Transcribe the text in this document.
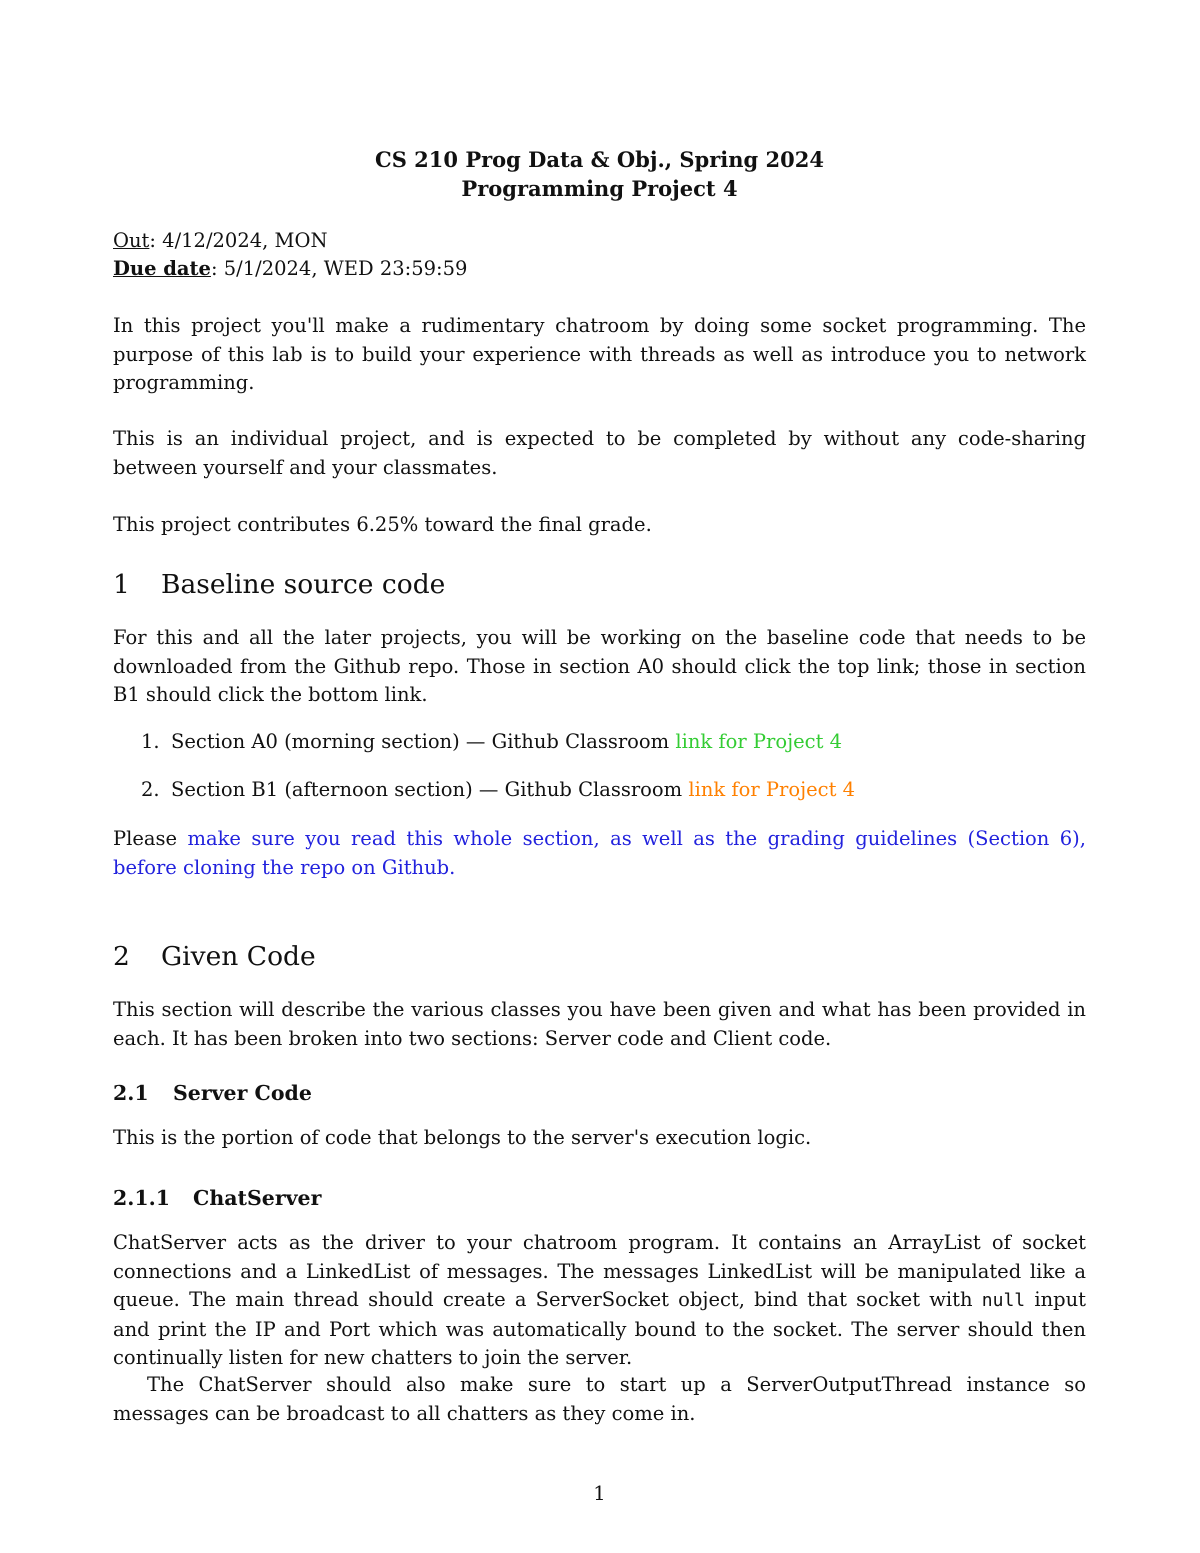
CS 210 Prog Data & Obj., Spring 2024
Programming Project 4
Out: 4/12/2024, MON
Due date: 5/1/2024, WED 23:59:59
In this project you'll make a rudimentary chatroom by doing some socket programming. The purpose of this lab is to build your experience with threads as well as introduce you to network programming.
This is an individual project, and is expected to be completed by without any code-sharing between yourself and your classmates.
This project contributes 6.25% toward the final grade.
1 Baseline source code
For this and all the later projects, you will be working on the baseline code that needs to be downloaded from the Github repo. Those in section A0 should click the top link; those in section B1 should click the bottom link.
1. Section A0 (morning section) — Github Classroom link for Project 4
2. Section B1 (afternoon section) — Github Classroom link for Project 4
Please make sure you read this whole section, as well as the grading guidelines (Section 6), before cloning the repo on Github.
2 Given Code
This section will describe the various classes you have been given and what has been provided in each. It has been broken into two sections: Server code and Client code.
2.1 Server Code
This is the portion of code that belongs to the server's execution logic.
2.1.1 ChatServer
ChatServer acts as the driver to your chatroom program. It contains an ArrayList of socket connections and a LinkedList of messages. The messages LinkedList will be manipulated like a queue. The main thread should create a ServerSocket object, bind that socket with null input and print the IP and Port which was automatically bound to the socket. The server should then continually listen for new chatters to join the server.
The ChatServer should also make sure to start up a ServerOutputThread instance so messages can be broadcast to all chatters as they come in.
1
